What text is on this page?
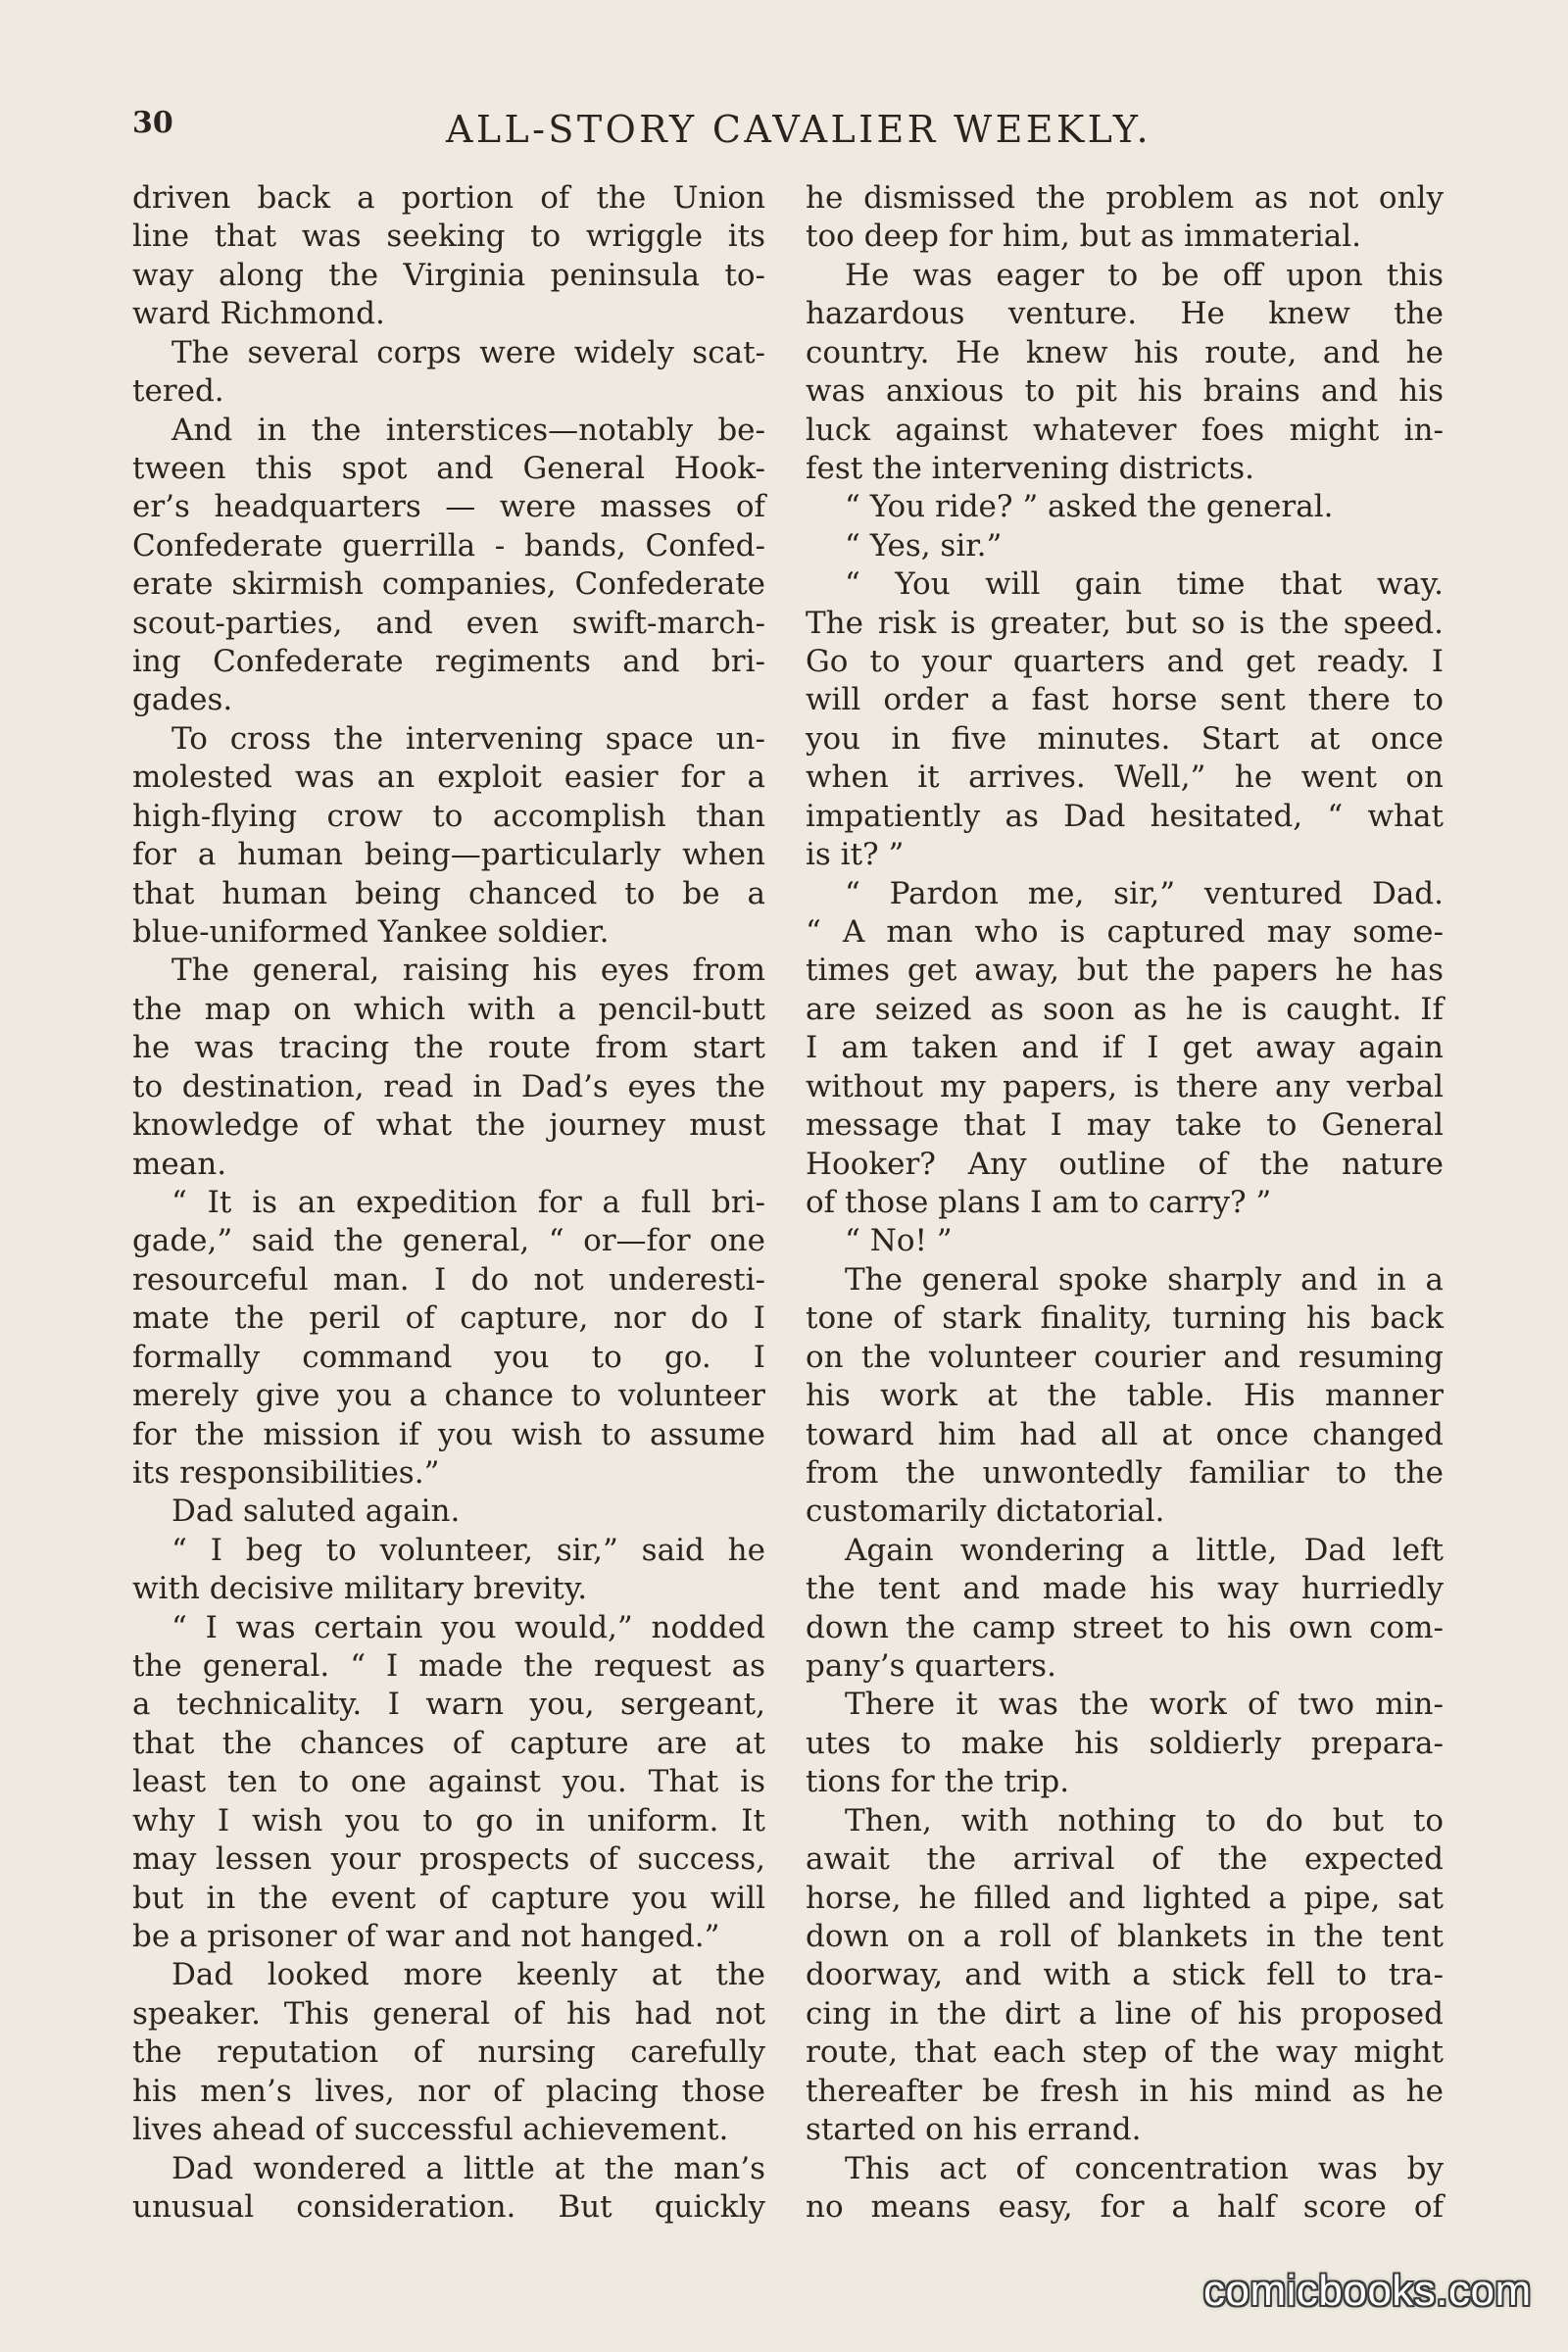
30	ALL-STORY CAVALIER WEEKLY.
driven back a portion of the Union
line that was seeking to wriggle its
way along the Virginia peninsula to-
ward Richmond.
The several corps were widely scat-
tered.
And in the interstices—notably be-
tween this spot and General Hook-
er’s headquarters — were masses of
Confederate guerrilla - bands, Confed-
erate skirmish companies, Confederate
scout-parties, and even swift-march-
ing Confederate regiments and bri-
gades.
To cross the intervening space un-
molested was an exploit easier for a
high-flying crow to accomplish than
for a human being—particularly when
that human being chanced to be a
blue-uniformed Yankee soldier.
The general, raising his eyes from
the map on which with a pencil-butt
he was tracing the route from start
to destination, read in Dad’s eyes the
knowledge of what the journey must
mean.
“ It is an expedition for a full bri-
gade,” said the general, “ or—for one
resourceful man. I do not underesti-
mate the peril of capture, nor do I
formally command you to go. I
merely give you a chance to volunteer
for the mission if you wish to assume
its responsibilities.”
Dad saluted again.
“ I beg to volunteer, sir,” said he
with decisive military brevity.
“ I was certain you would,” nodded
the general. “ I made the request as
a technicality. I warn you, sergeant,
that the chances of capture are at
least ten to one against you. That is
why I wish you to go in uniform. It
may lessen your prospects of success,
but in the event of capture you will
be a prisoner of war and not hanged.”
Dad looked more keenly at the
speaker. This general of his had not
the reputation of nursing carefully
his men’s lives, nor of placing those
lives ahead of successful achievement.
Dad wondered a little at the man’s
unusual consideration. But quickly
he dismissed the problem as not only
too deep for him, but as immaterial.
He was eager to be off upon this
hazardous venture. He knew the
country. He knew his route, and he
was anxious to pit his brains and his
luck against whatever foes might in-
fest the intervening districts.
“ You ride? ” asked the general.
“ Yes, sir.”
“ You will gain time that way.
The risk is greater, but so is the speed.
Go to your quarters and get ready. I
will order a fast horse sent there to
you in five minutes. Start at once
when it arrives. Well,” he went on
impatiently as Dad hesitated, “ what
is it? ”
“ Pardon me, sir,” ventured Dad.
“ A man who is captured may some-
times get away, but the papers he has
are seized as soon as he is caught. If
I am taken and if I get away again
without my papers, is there any verbal
message that I may take to General
Hooker? Any outline of the nature
of those plans I am to carry? ”
“ No! ”
The general spoke sharply and in a
tone of stark finality, turning his back
on the volunteer courier and resuming
his work at the table. His manner
toward him had all at once changed
from the unwontedly familiar to the
customarily dictatorial.
Again wondering a little, Dad left
the tent and made his way hurriedly
down the camp street to his own com-
pany’s quarters.
There it was the work of two min-
utes to make his soldierly prepara-
tions for the trip.
Then, with nothing to do but to
await the arrival of the expected
horse, he filled and lighted a pipe, sat
down on a roll of blankets in the tent
doorway, and with a stick fell to tra-
cing in the dirt a line of his proposed
route, that each step of the way might
thereafter be fresh in his mind as he
started on his errand.
This act of concentration was by
no means easy, for a half score of
comicbooks.com
